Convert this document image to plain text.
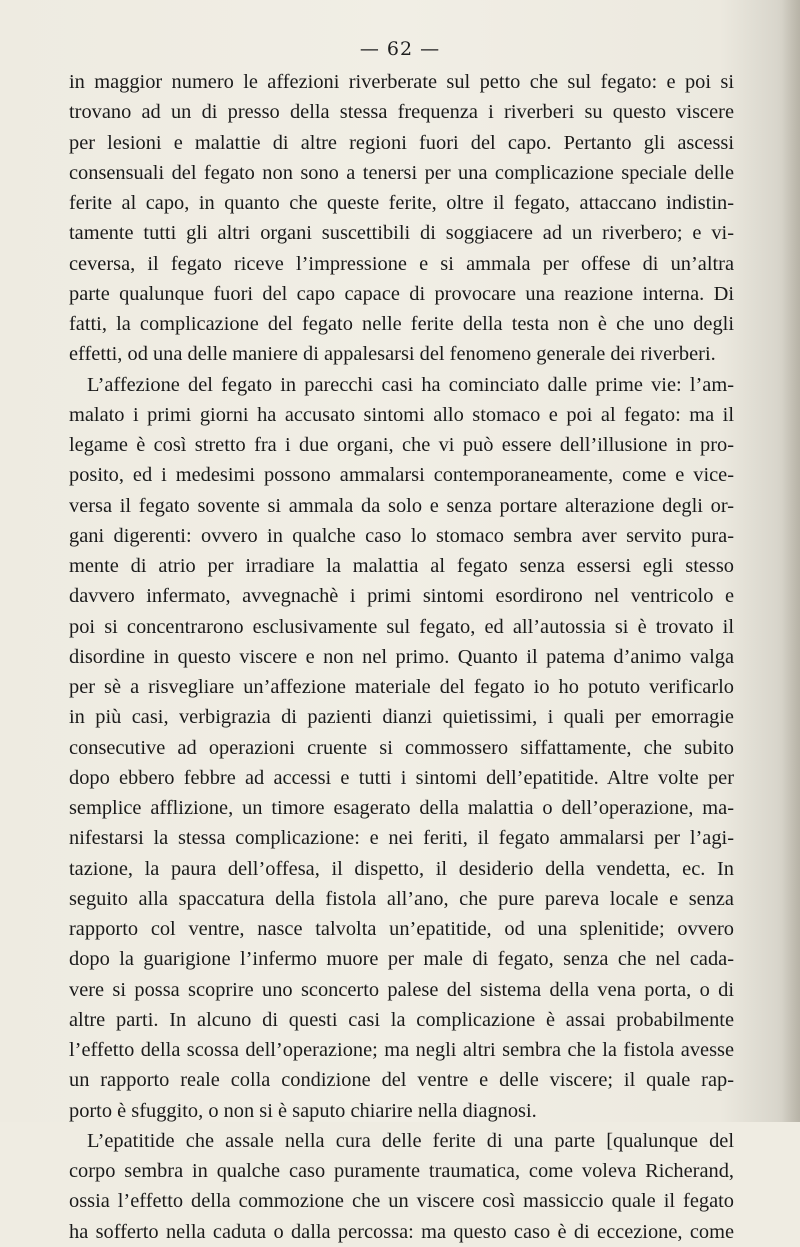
— 62 —

in maggior numero le affezioni riverberate sul petto che sul fegato: e poi si
trovano ad un di presso della stessa frequenza i riverberi su questo viscere
per lesioni e malattie di altre regioni fuori del capo. Pertanto gli ascessi
consensuali del fegato non sono a tenersi per una complicazione speciale delle
ferite al capo, in quanto che queste ferite, oltre il fegato, attaccano indistin-
tamente tutti gli altri organi suscettibili di soggiacere ad un riverbero; e vi-
ceversa, il fegato riceve l’impressione e si ammala per offese di un’altra
parte qualunque fuori del capo capace di provocare una reazione interna. Di
fatti, la complicazione del fegato nelle ferite della testa non è che uno degli
effetti, od una delle maniere di appalesarsi del fenomeno generale dei riverberi.

L’affezione del fegato in parecchi casi ha cominciato dalle prime vie: l’am-
malato i primi giorni ha accusato sintomi allo stomaco e poi al fegato: ma il
legame è così stretto fra i due organi, che vi può essere dell’illusione in pro-
posito, ed i medesimi possono ammalarsi contemporaneamente, come e vice-
versa il fegato sovente si ammala da solo e senza portare alterazione degli or-
gani digerenti: ovvero in qualche caso lo stomaco sembra aver servito pura-
mente di atrio per irradiare la malattia al fegato senza essersi egli stesso
davvero infermato, avvegnachè i primi sintomi esordirono nel ventricolo e
poi si concentrarono esclusivamente sul fegato, ed all’autossia si è trovato il
disordine in questo viscere e non nel primo. Quanto il patema d’animo valga
per sè a risvegliare un’affezione materiale del fegato io ho potuto verificarlo
in più casi, verbigrazia di pazienti dianzi quietissimi, i quali per emorragie
consecutive ad operazioni cruente si commossero siffattamente, che subito
dopo ebbero febbre ad accessi e tutti i sintomi dell’epatitide. Altre volte per
semplice afflizione, un timore esagerato della malattia o dell’operazione, ma-
nifestarsi la stessa complicazione: e nei feriti, il fegato ammalarsi per l’agi-
tazione, la paura dell’offesa, il dispetto, il desiderio della vendetta, ec. In
seguito alla spaccatura della fistola all’ano, che pure pareva locale e senza
rapporto col ventre, nasce talvolta un’epatitide, od una splenitide; ovvero
dopo la guarigione l’infermo muore per male di fegato, senza che nel cada-
vere si possa scoprire uno sconcerto palese del sistema della vena porta, o di
altre parti. In alcuno di questi casi la complicazione è assai probabilmente
l’effetto della scossa dell’operazione; ma negli altri sembra che la fistola avesse
un rapporto reale colla condizione del ventre e delle viscere; il quale rap-
porto è sfuggito, o non si è saputo chiarire nella diagnosi.

L’epatitide che assale nella cura delle ferite di una parte [qualunque del
corpo sembra in qualche caso puramente traumatica, come voleva Richerand,
ossia l’effetto della commozione che un viscere così massiccio quale il fegato
ha sofferto nella caduta o dalla percossa: ma questo caso è di eccezione, come
